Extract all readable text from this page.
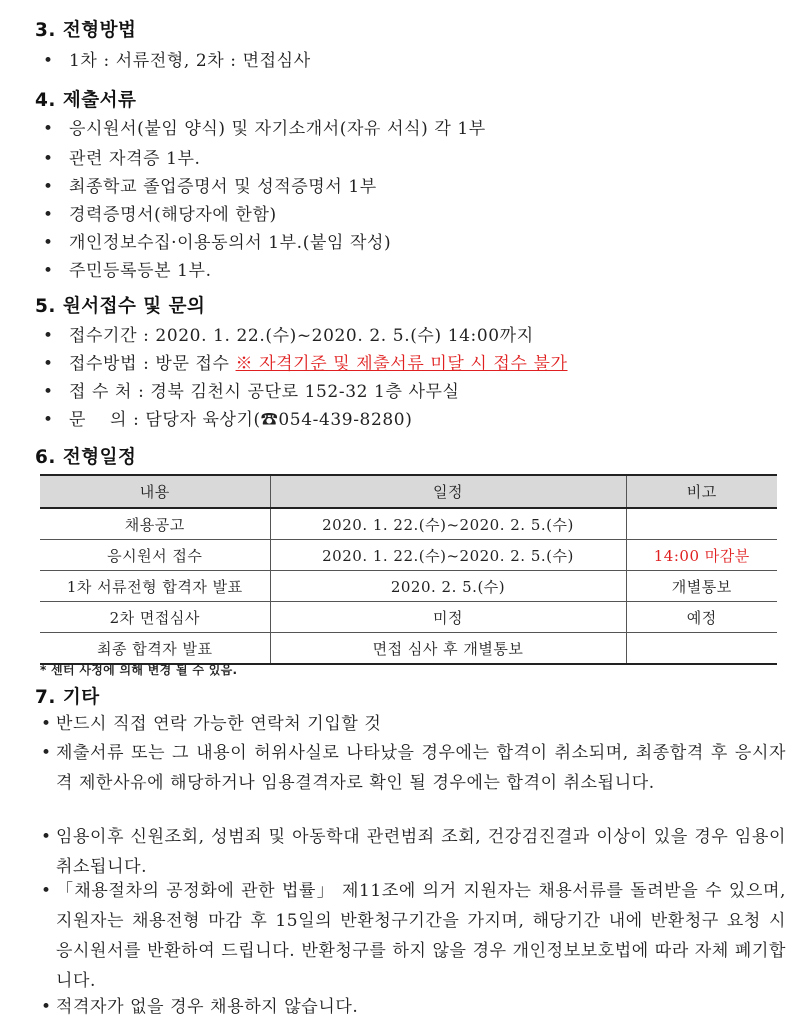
3. 전형방법
• 1차 : 서류전형, 2차 : 면접심사
4. 제출서류
• 응시원서(붙임 양식) 및 자기소개서(자유 서식) 각 1부
• 관련 자격증 1부.
• 최종학교 졸업증명서 및 성적증명서 1부
• 경력증명서(해당자에 한함)
• 개인정보수집·이용동의서 1부.(붙임 작성)
• 주민등록등본 1부.
5. 원서접수 및 문의
• 접수기간 : 2020. 1. 22.(수)~2020. 2. 5.(수) 14:00까지
• 접수방법 : 방문 접수 ※ 자격기준 및 제출서류 미달 시 접수 불가
• 접 수 처 : 경북 김천시 공단로 152-32 1층 사무실
• 문    의 : 담당자 육상기(☎054-439-8280)
6. 전형일정
내용	일정	비고
채용공고	2020. 1. 22.(수)~2020. 2. 5.(수)	
응시원서 접수	2020. 1. 22.(수)~2020. 2. 5.(수)	14:00 마감분
1차 서류전형 합격자 발표	2020. 2. 5.(수)	개별통보
2차 면접심사	미정	예정
최종 합격자 발표	면접 심사 후 개별통보	
* 센터 사정에 의해 변경 될 수 있음.
7. 기타
• 반드시 직접 연락 가능한 연락처 기입할 것
• 제출서류 또는 그 내용이 허위사실로 나타났을 경우에는 합격이 취소되며, 최종합격 후 응시자격 제한사유에 해당하거나 임용결격자로 확인 될 경우에는 합격이 취소됩니다.
• 임용이후 신원조회, 성범죄 및 아동학대 관련범죄 조회, 건강검진결과 이상이 있을 경우 임용이 취소됩니다.
• 「채용절차의 공정화에 관한 법률」 제11조에 의거 지원자는 채용서류를 돌려받을 수 있으며, 지원자는 채용전형 마감 후 15일의 반환청구기간을 가지며, 해당기간 내에 반환청구 요청 시 응시원서를 반환하여 드립니다. 반환청구를 하지 않을 경우 개인정보보호법에 따라 자체 폐기합니다.
• 적격자가 없을 경우 채용하지 않습니다.
